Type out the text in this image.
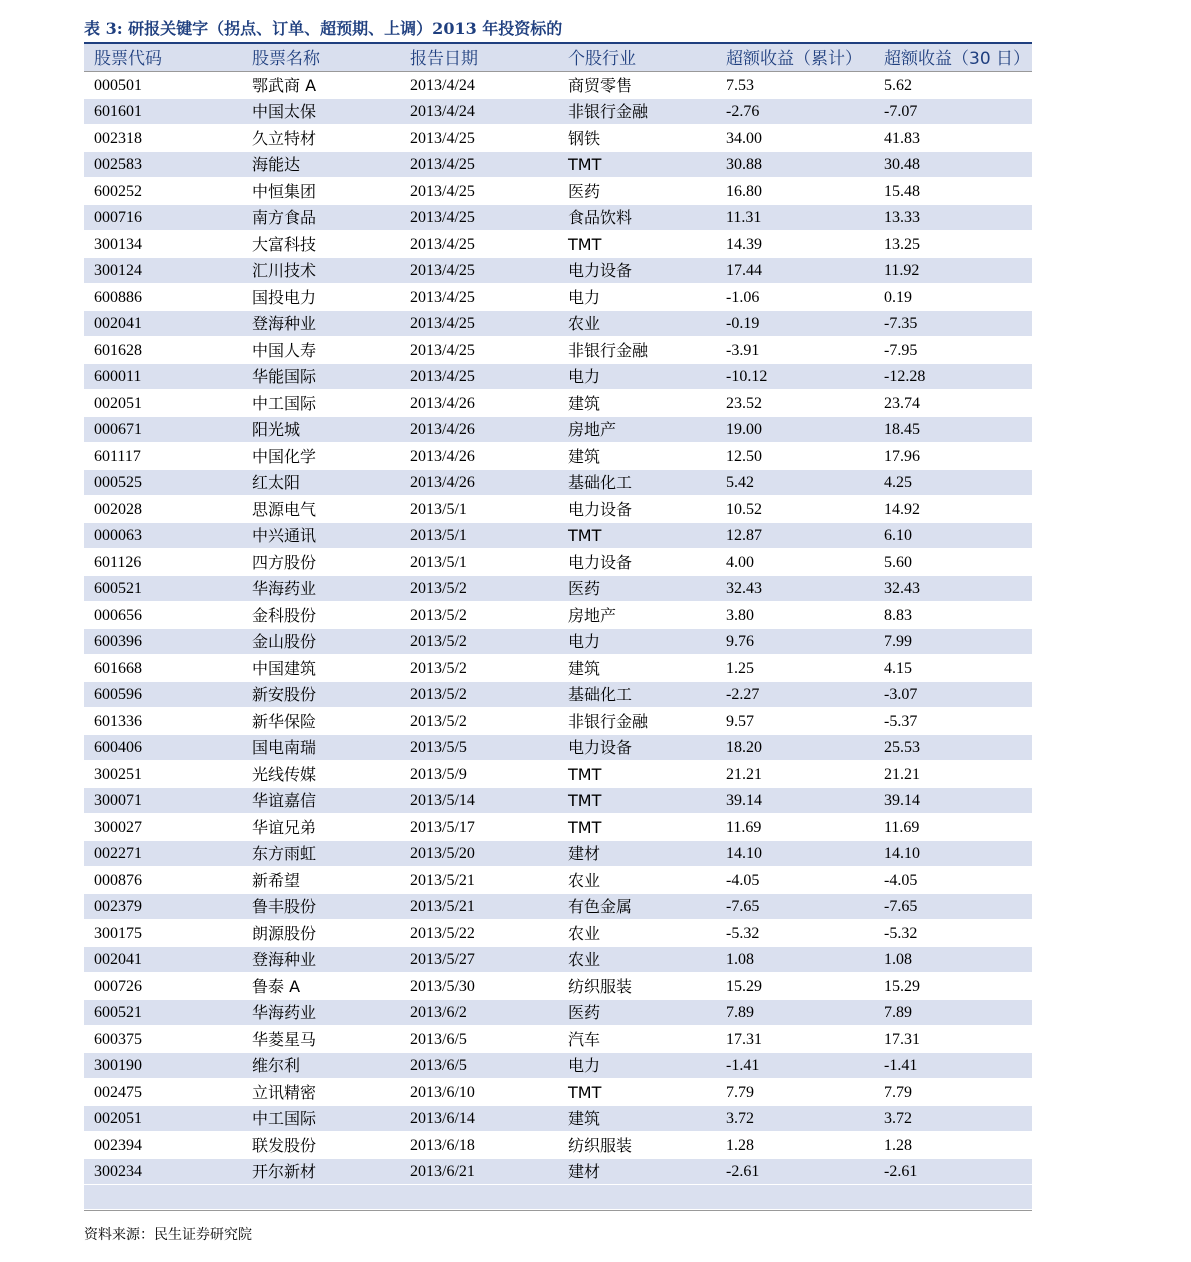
表 3: 研报关键字（拐点、订单、超预期、上调）2013 年投资标的
股票代码	股票名称	报告日期	个股行业	超额收益（累计）	超额收益（30 日）
000501	鄂武商 A	2013/4/24	商贸零售	7.53	5.62
601601	中国太保	2013/4/24	非银行金融	-2.76	-7.07
002318	久立特材	2013/4/25	钢铁	34.00	41.83
002583	海能达	2013/4/25	TMT	30.88	30.48
600252	中恒集团	2013/4/25	医药	16.80	15.48
000716	南方食品	2013/4/25	食品饮料	11.31	13.33
300134	大富科技	2013/4/25	TMT	14.39	13.25
300124	汇川技术	2013/4/25	电力设备	17.44	11.92
600886	国投电力	2013/4/25	电力	-1.06	0.19
002041	登海种业	2013/4/25	农业	-0.19	-7.35
601628	中国人寿	2013/4/25	非银行金融	-3.91	-7.95
600011	华能国际	2013/4/25	电力	-10.12	-12.28
002051	中工国际	2013/4/26	建筑	23.52	23.74
000671	阳光城	2013/4/26	房地产	19.00	18.45
601117	中国化学	2013/4/26	建筑	12.50	17.96
000525	红太阳	2013/4/26	基础化工	5.42	4.25
002028	思源电气	2013/5/1	电力设备	10.52	14.92
000063	中兴通讯	2013/5/1	TMT	12.87	6.10
601126	四方股份	2013/5/1	电力设备	4.00	5.60
600521	华海药业	2013/5/2	医药	32.43	32.43
000656	金科股份	2013/5/2	房地产	3.80	8.83
600396	金山股份	2013/5/2	电力	9.76	7.99
601668	中国建筑	2013/5/2	建筑	1.25	4.15
600596	新安股份	2013/5/2	基础化工	-2.27	-3.07
601336	新华保险	2013/5/2	非银行金融	9.57	-5.37
600406	国电南瑞	2013/5/5	电力设备	18.20	25.53
300251	光线传媒	2013/5/9	TMT	21.21	21.21
300071	华谊嘉信	2013/5/14	TMT	39.14	39.14
300027	华谊兄弟	2013/5/17	TMT	11.69	11.69
002271	东方雨虹	2013/5/20	建材	14.10	14.10
000876	新希望	2013/5/21	农业	-4.05	-4.05
002379	鲁丰股份	2013/5/21	有色金属	-7.65	-7.65
300175	朗源股份	2013/5/22	农业	-5.32	-5.32
002041	登海种业	2013/5/27	农业	1.08	1.08
000726	鲁泰 A	2013/5/30	纺织服装	15.29	15.29
600521	华海药业	2013/6/2	医药	7.89	7.89
600375	华菱星马	2013/6/5	汽车	17.31	17.31
300190	维尔利	2013/6/5	电力	-1.41	-1.41
002475	立讯精密	2013/6/10	TMT	7.79	7.79
002051	中工国际	2013/6/14	建筑	3.72	3.72
002394	联发股份	2013/6/18	纺织服装	1.28	1.28
300234	开尔新材	2013/6/21	建材	-2.61	-2.61
资料来源：民生证券研究院
